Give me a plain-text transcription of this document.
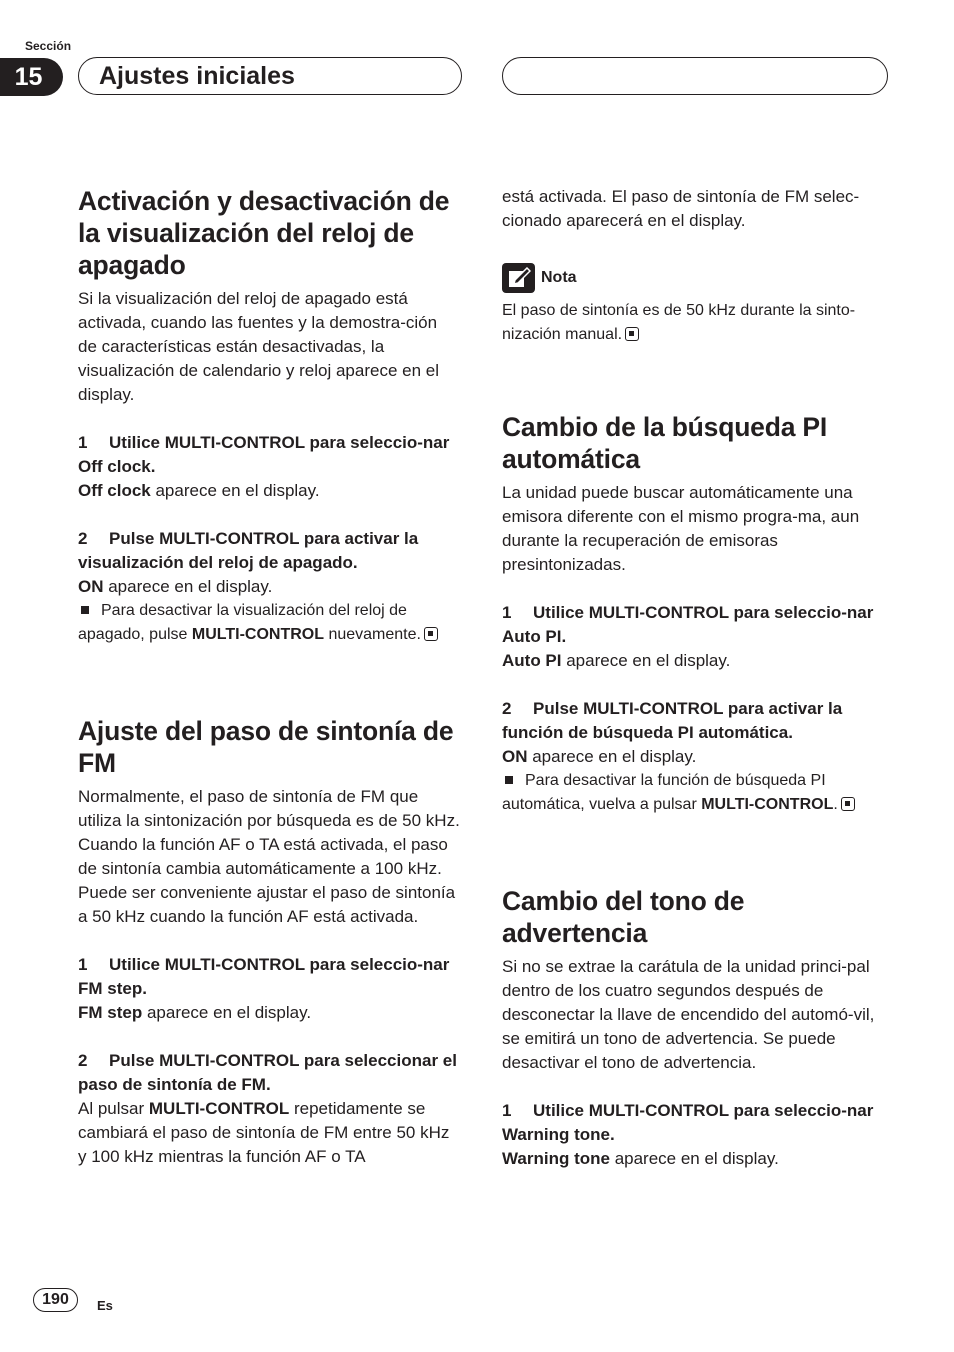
Sección
15	Ajustes iniciales
Activación y desactivación de la visualización del reloj de apagado

Si la visualización del reloj de apagado está activada, cuando las fuentes y la demostra-ción de características están desactivadas, la visualización de calendario y reloj aparece en el display.

1 Utilice MULTI-CONTROL para seleccio-nar Off clock.

Off clock aparece en el display.

2 Pulse MULTI-CONTROL para activar la visualización del reloj de apagado.

ON aparece en el display.

Para desactivar la visualización del reloj de apagado, pulse MULTI-CONTROL nuevamente.

Ajuste del paso de sintonía de FM

Normalmente, el paso de sintonía de FM que utiliza la sintonización por búsqueda es de 50 kHz. Cuando la función AF o TA está activada, el paso de sintonía cambia automáticamente a 100 kHz. Puede ser conveniente ajustar el paso de sintonía a 50 kHz cuando la función AF está activada.

1 Utilice MULTI-CONTROL para seleccio-nar FM step.

FM step aparece en el display.

2 Pulse MULTI-CONTROL para seleccionar el paso de sintonía de FM.

Al pulsar MULTI-CONTROL repetidamente se cambiará el paso de sintonía de FM entre 50 kHz y 100 kHz mientras la función AF o TA

está activada. El paso de sintonía de FM selec-cionado aparecerá en el display.

Nota

El paso de sintonía es de 50 kHz durante la sinto-nización manual.

Cambio de la búsqueda PI automática

La unidad puede buscar automáticamente una emisora diferente con el mismo progra-ma, aun durante la recuperación de emisoras presintonizadas.

1 Utilice MULTI-CONTROL para seleccio-nar Auto PI.

Auto PI aparece en el display.

2 Pulse MULTI-CONTROL para activar la función de búsqueda PI automática.

ON aparece en el display.

Para desactivar la función de búsqueda PI automática, vuelva a pulsar MULTI-CONTROL.

Cambio del tono de advertencia

Si no se extrae la carátula de la unidad princi-pal dentro de los cuatro segundos después de desconectar la llave de encendido del automó-vil, se emitirá un tono de advertencia. Se puede desactivar el tono de advertencia.

1 Utilice MULTI-CONTROL para seleccio-nar Warning tone.

Warning tone aparece en el display.

190	Es
